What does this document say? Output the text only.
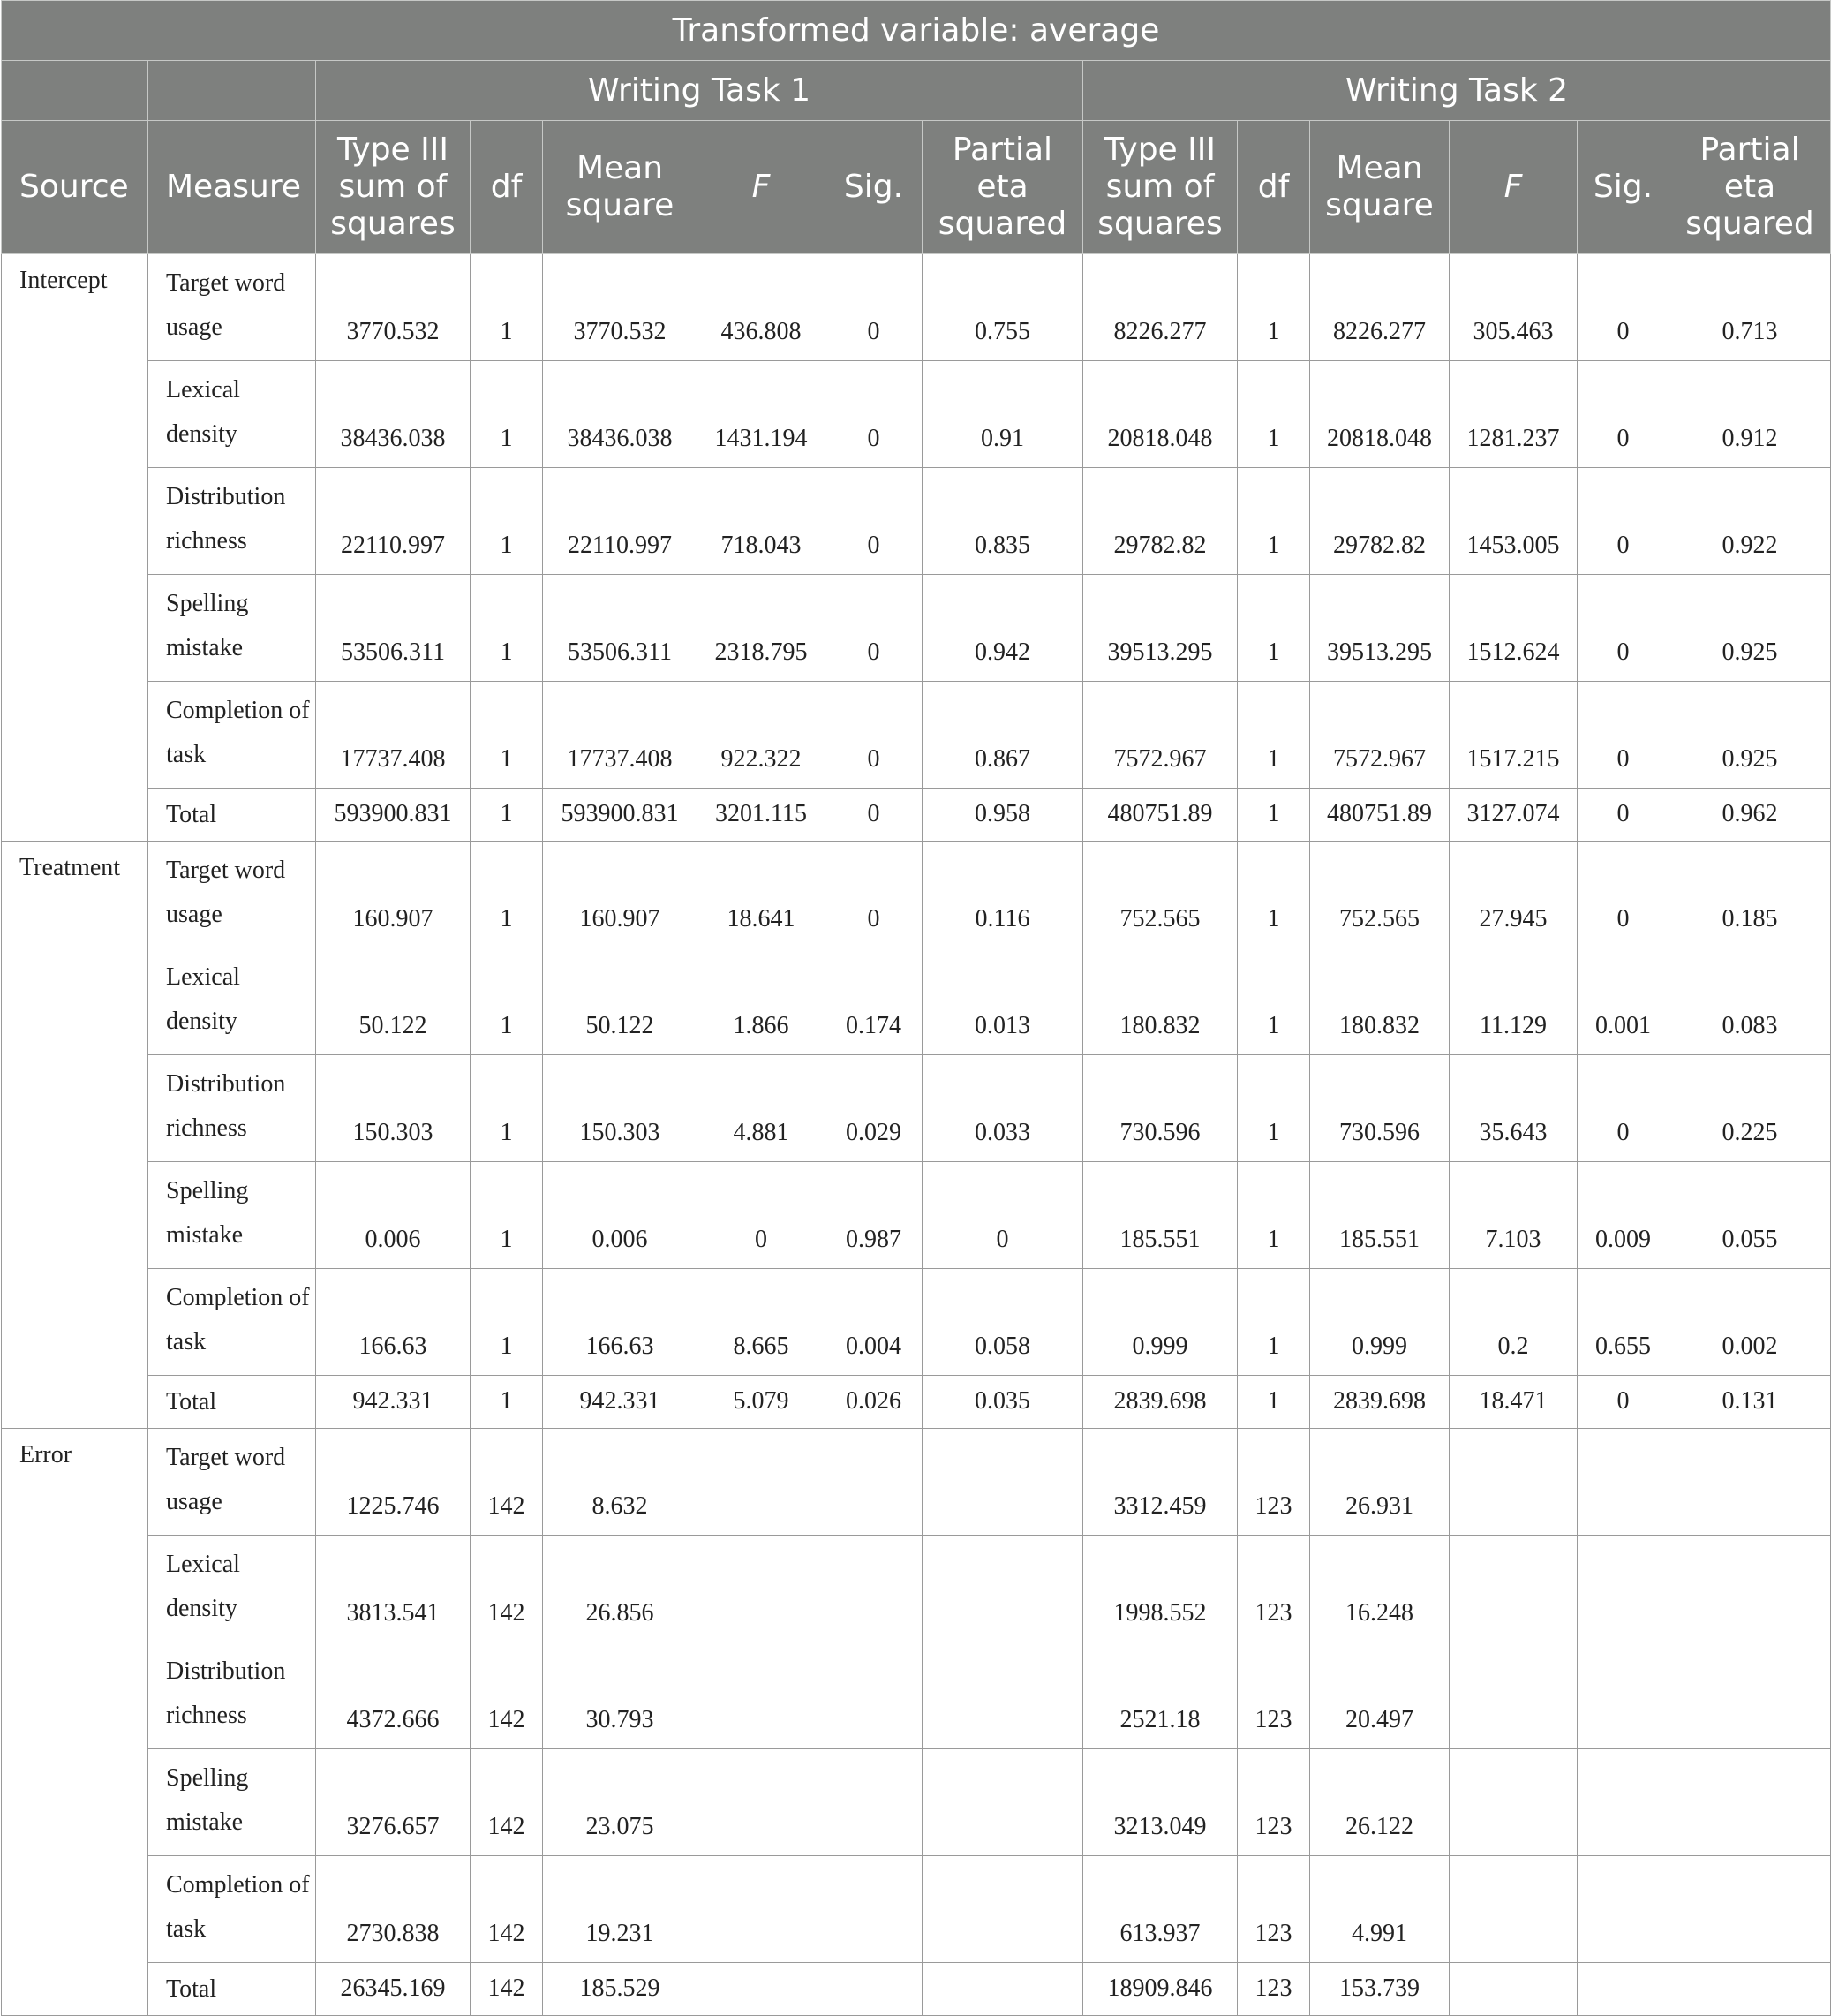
Transformed variable: average													
		Writing Task 1						Writing Task 2					
Source	Measure	Type III sum of squares	df	Mean square	F	Sig.	Partial eta squared	Type III sum of squares	df	Mean square	F	Sig.	Partial eta squared
Intercept	Target word usage	3770.532	1	3770.532	436.808	0	0.755	8226.277	1	8226.277	305.463	0	0.713
	Lexical density	38436.038	1	38436.038	1431.194	0	0.91	20818.048	1	20818.048	1281.237	0	0.912
	Distribution richness	22110.997	1	22110.997	718.043	0	0.835	29782.82	1	29782.82	1453.005	0	0.922
	Spelling mistake	53506.311	1	53506.311	2318.795	0	0.942	39513.295	1	39513.295	1512.624	0	0.925
	Completion of task	17737.408	1	17737.408	922.322	0	0.867	7572.967	1	7572.967	1517.215	0	0.925
	Total	593900.831	1	593900.831	3201.115	0	0.958	480751.89	1	480751.89	3127.074	0	0.962
Treatment	Target word usage	160.907	1	160.907	18.641	0	0.116	752.565	1	752.565	27.945	0	0.185
	Lexical density	50.122	1	50.122	1.866	0.174	0.013	180.832	1	180.832	11.129	0.001	0.083
	Distribution richness	150.303	1	150.303	4.881	0.029	0.033	730.596	1	730.596	35.643	0	0.225
	Spelling mistake	0.006	1	0.006	0	0.987	0	185.551	1	185.551	7.103	0.009	0.055
	Completion of task	166.63	1	166.63	8.665	0.004	0.058	0.999	1	0.999	0.2	0.655	0.002
	Total	942.331	1	942.331	5.079	0.026	0.035	2839.698	1	2839.698	18.471	0	0.131
Error	Target word usage	1225.746	142	8.632				3312.459	123	26.931			
	Lexical density	3813.541	142	26.856				1998.552	123	16.248			
	Distribution richness	4372.666	142	30.793				2521.18	123	20.497			
	Spelling mistake	3276.657	142	23.075				3213.049	123	26.122			
	Completion of task	2730.838	142	19.231				613.937	123	4.991			
	Total	26345.169	142	185.529				18909.846	123	153.739			
